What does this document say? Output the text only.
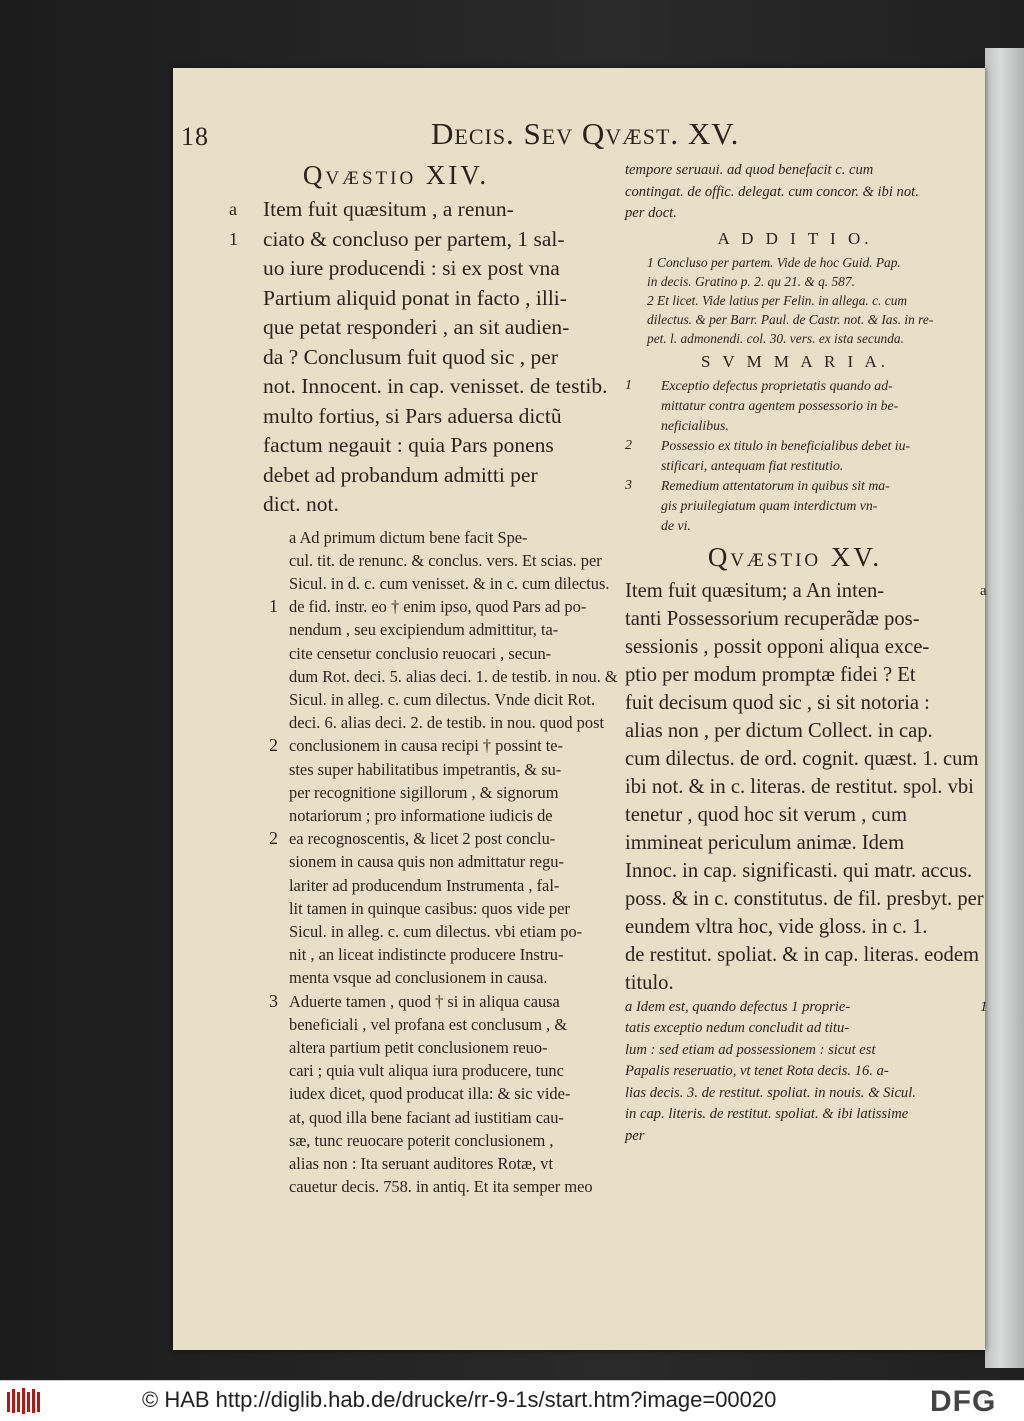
18	Decis. Sev Qvæst. XV.
Qvæstio XIV.
a Item fuit quæsitum , a renun-
1 ciato & concluso per partem, 1 sal-
uo iure producendi : si ex post vna
Partium aliquid ponat in facto , illi-
que petat responderi , an sit audien-
da ? Conclusum fuit quod sic , per
not. Innocent. in cap. venisset. de testib.
multo fortius, si Pars aduersa dictũ
factum negauit : quia Pars ponens
debet ad probandum admitti per
dict. not.
a Ad primum dictum bene facit Spe-
cul. tit. de renunc. & conclus. vers. Et scias. per
Sicul. in d. c. cum venisset. & in c. cum dilectus.
1 de fid. instr. eo † enim ipso, quod Pars ad po-
nendum , seu excipiendum admittitur, ta-
cite censetur conclusio reuocari , secun-
dum Rot. deci. 5. alias deci. 1. de testib. in nou. &
Sicul. in alleg. c. cum dilectus. Vnde dicit Rot.
deci. 6. alias deci. 2. de testib. in nou. quod post
2 conclusionem in causa recipi † possint te-
stes super habilitatibus impetrantis, & su-
per recognitione sigillorum , & signorum
notariorum ; pro informatione iudicis de
2 ea recognoscentis, & licet 2 post conclu-
sionem in causa quis non admittatur regu-
lariter ad producendum Instrumenta , fal-
lit tamen in quinque casibus: quos vide per
Sicul. in alleg. c. cum dilectus. vbi etiam po-
nit , an liceat indistincte producere Instru-
menta vsque ad conclusionem in causa.
3 Aduerte tamen , quod † si in aliqua causa
beneficiali , vel profana est conclusum , &
altera partium petit conclusionem reuo-
cari ; quia vult aliqua iura producere, tunc
iudex dicet, quod producat illa: & sic vide-
at, quod illa bene faciant ad iustitiam cau-
sæ, tunc reuocare poterit conclusionem ,
alias non : Ita seruant auditores Rotæ, vt
cauetur decis. 758. in antiq. Et ita semper meo
tempore seruaui. ad quod benefacit c. cum
contingat. de offic. delegat. cum concor. & ibi not.
per doct.
A D D I T I O.
1 Concluso per partem. Vide de hoc Guid. Pap.
in decis. Gratino p. 2. qu 21. & q. 587.
2 Et licet. Vide latius per Felin. in allega. c. cum
dilectus. & per Barr. Paul. de Castr. not. & Ias. in re-
pet. l. admonendi. col. 30. vers. ex ista secunda.
S V M M A R I A.
1 Exceptio defectus proprietatis quando ad-
mittatur contra agentem possessorio in be-
neficialibus.
2 Possessio ex titulo in beneficialibus debet iu-
stificari, antequam fiat restitutio.
3 Remedium attentatorum in quibus sit ma-
gis priuilegiatum quam interdictum vn-
de vi.
Qvæstio XV.
a
Item fuit quæsitum; a An inten-
tanti Possessorium recuperãdæ pos-
sessionis , possit opponi aliqua exce-
ptio per modum promptæ fidei ? Et
fuit decisum quod sic , si sit notoria :
alias non , per dictum Collect. in cap.
cum dilectus. de ord. cognit. quæst. 1. cum
ibi not. & in c. literas. de restitut. spol. vbi
tenetur , quod hoc sit verum , cum
immineat periculum animæ. Idem
Innoc. in cap. significasti. qui matr. accus.
poss. & in c. constitutus. de fil. presbyt. per
eundem vltra hoc, vide gloss. in c. 1.
de restitut. spoliat. & in cap. literas. eodem
titulo.
1
a Idem est, quando defectus 1 proprie-
tatis exceptio nedum concludit ad titu-
lum : sed etiam ad possessionem : sicut est
Papalis reseruatio, vt tenet Rota decis. 16. a-
lias decis. 3. de restitut. spoliat. in nouis. & Sicul.
in cap. literis. de restitut. spoliat. & ibi latissime
per
© HAB http://diglib.hab.de/drucke/rr-9-1s/start.htm?image=00020	DFG
